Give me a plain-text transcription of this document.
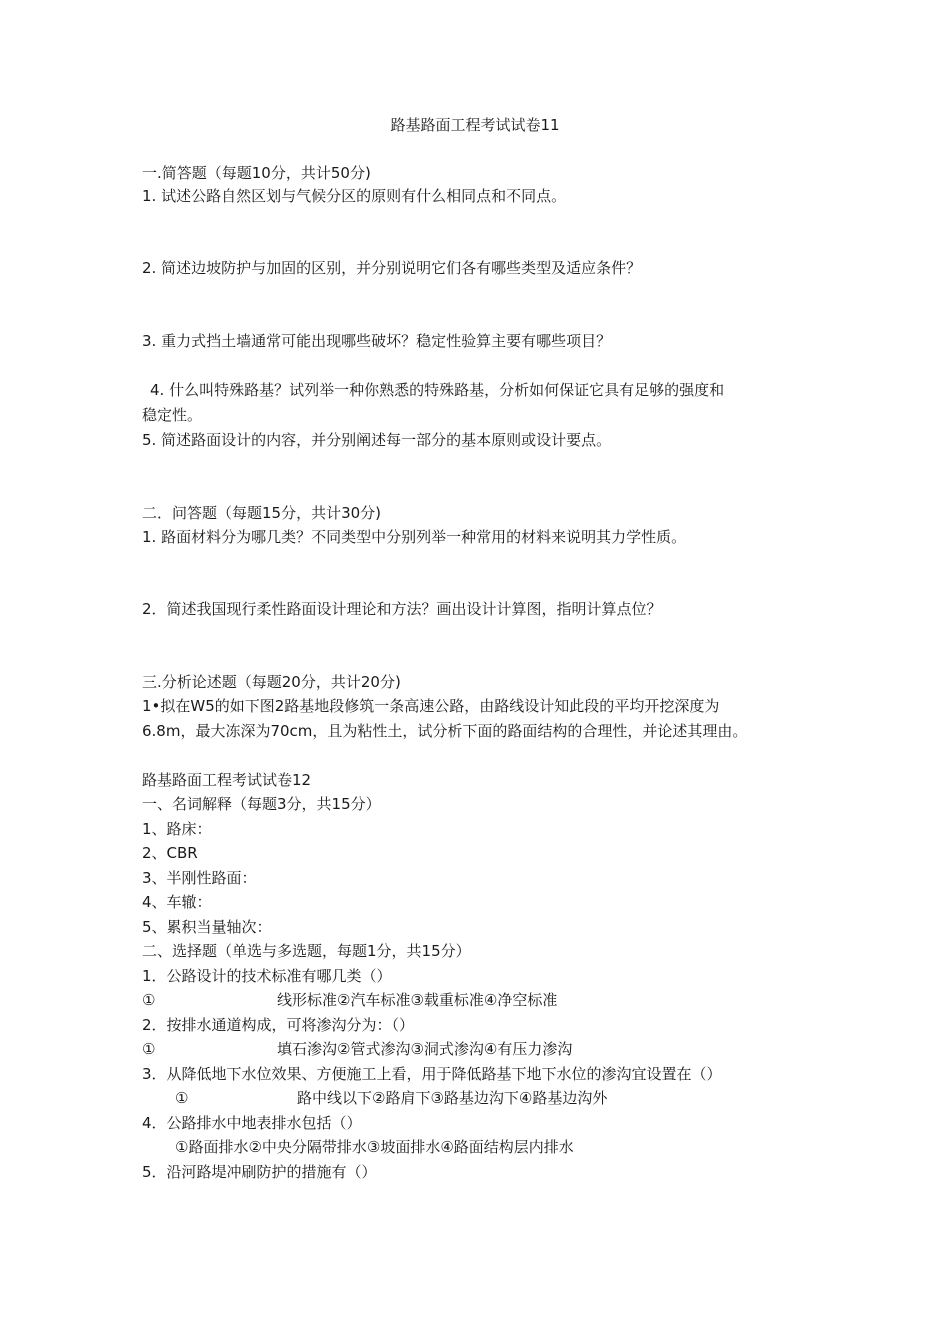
路基路面工程考试试卷11
一.简答题（每题10分，共计50分)
1. 试述公路自然区划与气候分区的原则有什么相同点和不同点。
2. 简述边坡防护与加固的区别，并分别说明它们各有哪些类型及适应条件？
3. 重力式挡土墙通常可能出现哪些破坏？稳定性验算主要有哪些项目？
4. 什么叫特殊路基？试列举一种你熟悉的特殊路基，分析如何保证它具有足够的强度和
稳定性。
5. 简述路面设计的内容，并分别阐述每一部分的基本原则或设计要点。
二．问答题（每题15分，共计30分)
1. 路面材料分为哪几类？不同类型中分别列举一种常用的材料来说明其力学性质。
2．简述我国现行柔性路面设计理论和方法？画出设计计算图，指明计算点位？
三.分析论述题（每题20分，共计20分)
1•拟在W5的如下图2路基地段修筑一条高速公路，由路线设计知此段的平均开挖深度为
6.8m，最大冻深为70cm，且为粘性土，试分析下面的路面结构的合理性，并论述其理由。
路基路面工程考试试卷12
一、名词解释（每题3分，共15分）
1、路床：
2、CBR
3、半刚性路面：
4、车辙：
5、累积当量轴次：
二、选择题（单选与多选题，每题1分，共15分）
1．公路设计的技术标准有哪几类（）
①	线形标准②汽车标准③载重标准④净空标准
2．按排水通道构成，可将渗沟分为：（）
①	填石渗沟②管式渗沟③洞式渗沟④有压力渗沟
3．从降低地下水位效果、方便施工上看，用于降低路基下地下水位的渗沟宜设置在（）
①	路中线以下②路肩下③路基边沟下④路基边沟外
4．公路排水中地表排水包括（）
①路面排水②中央分隔带排水③坡面排水④路面结构层内排水
5．沿河路堤冲刷防护的措施有（）
